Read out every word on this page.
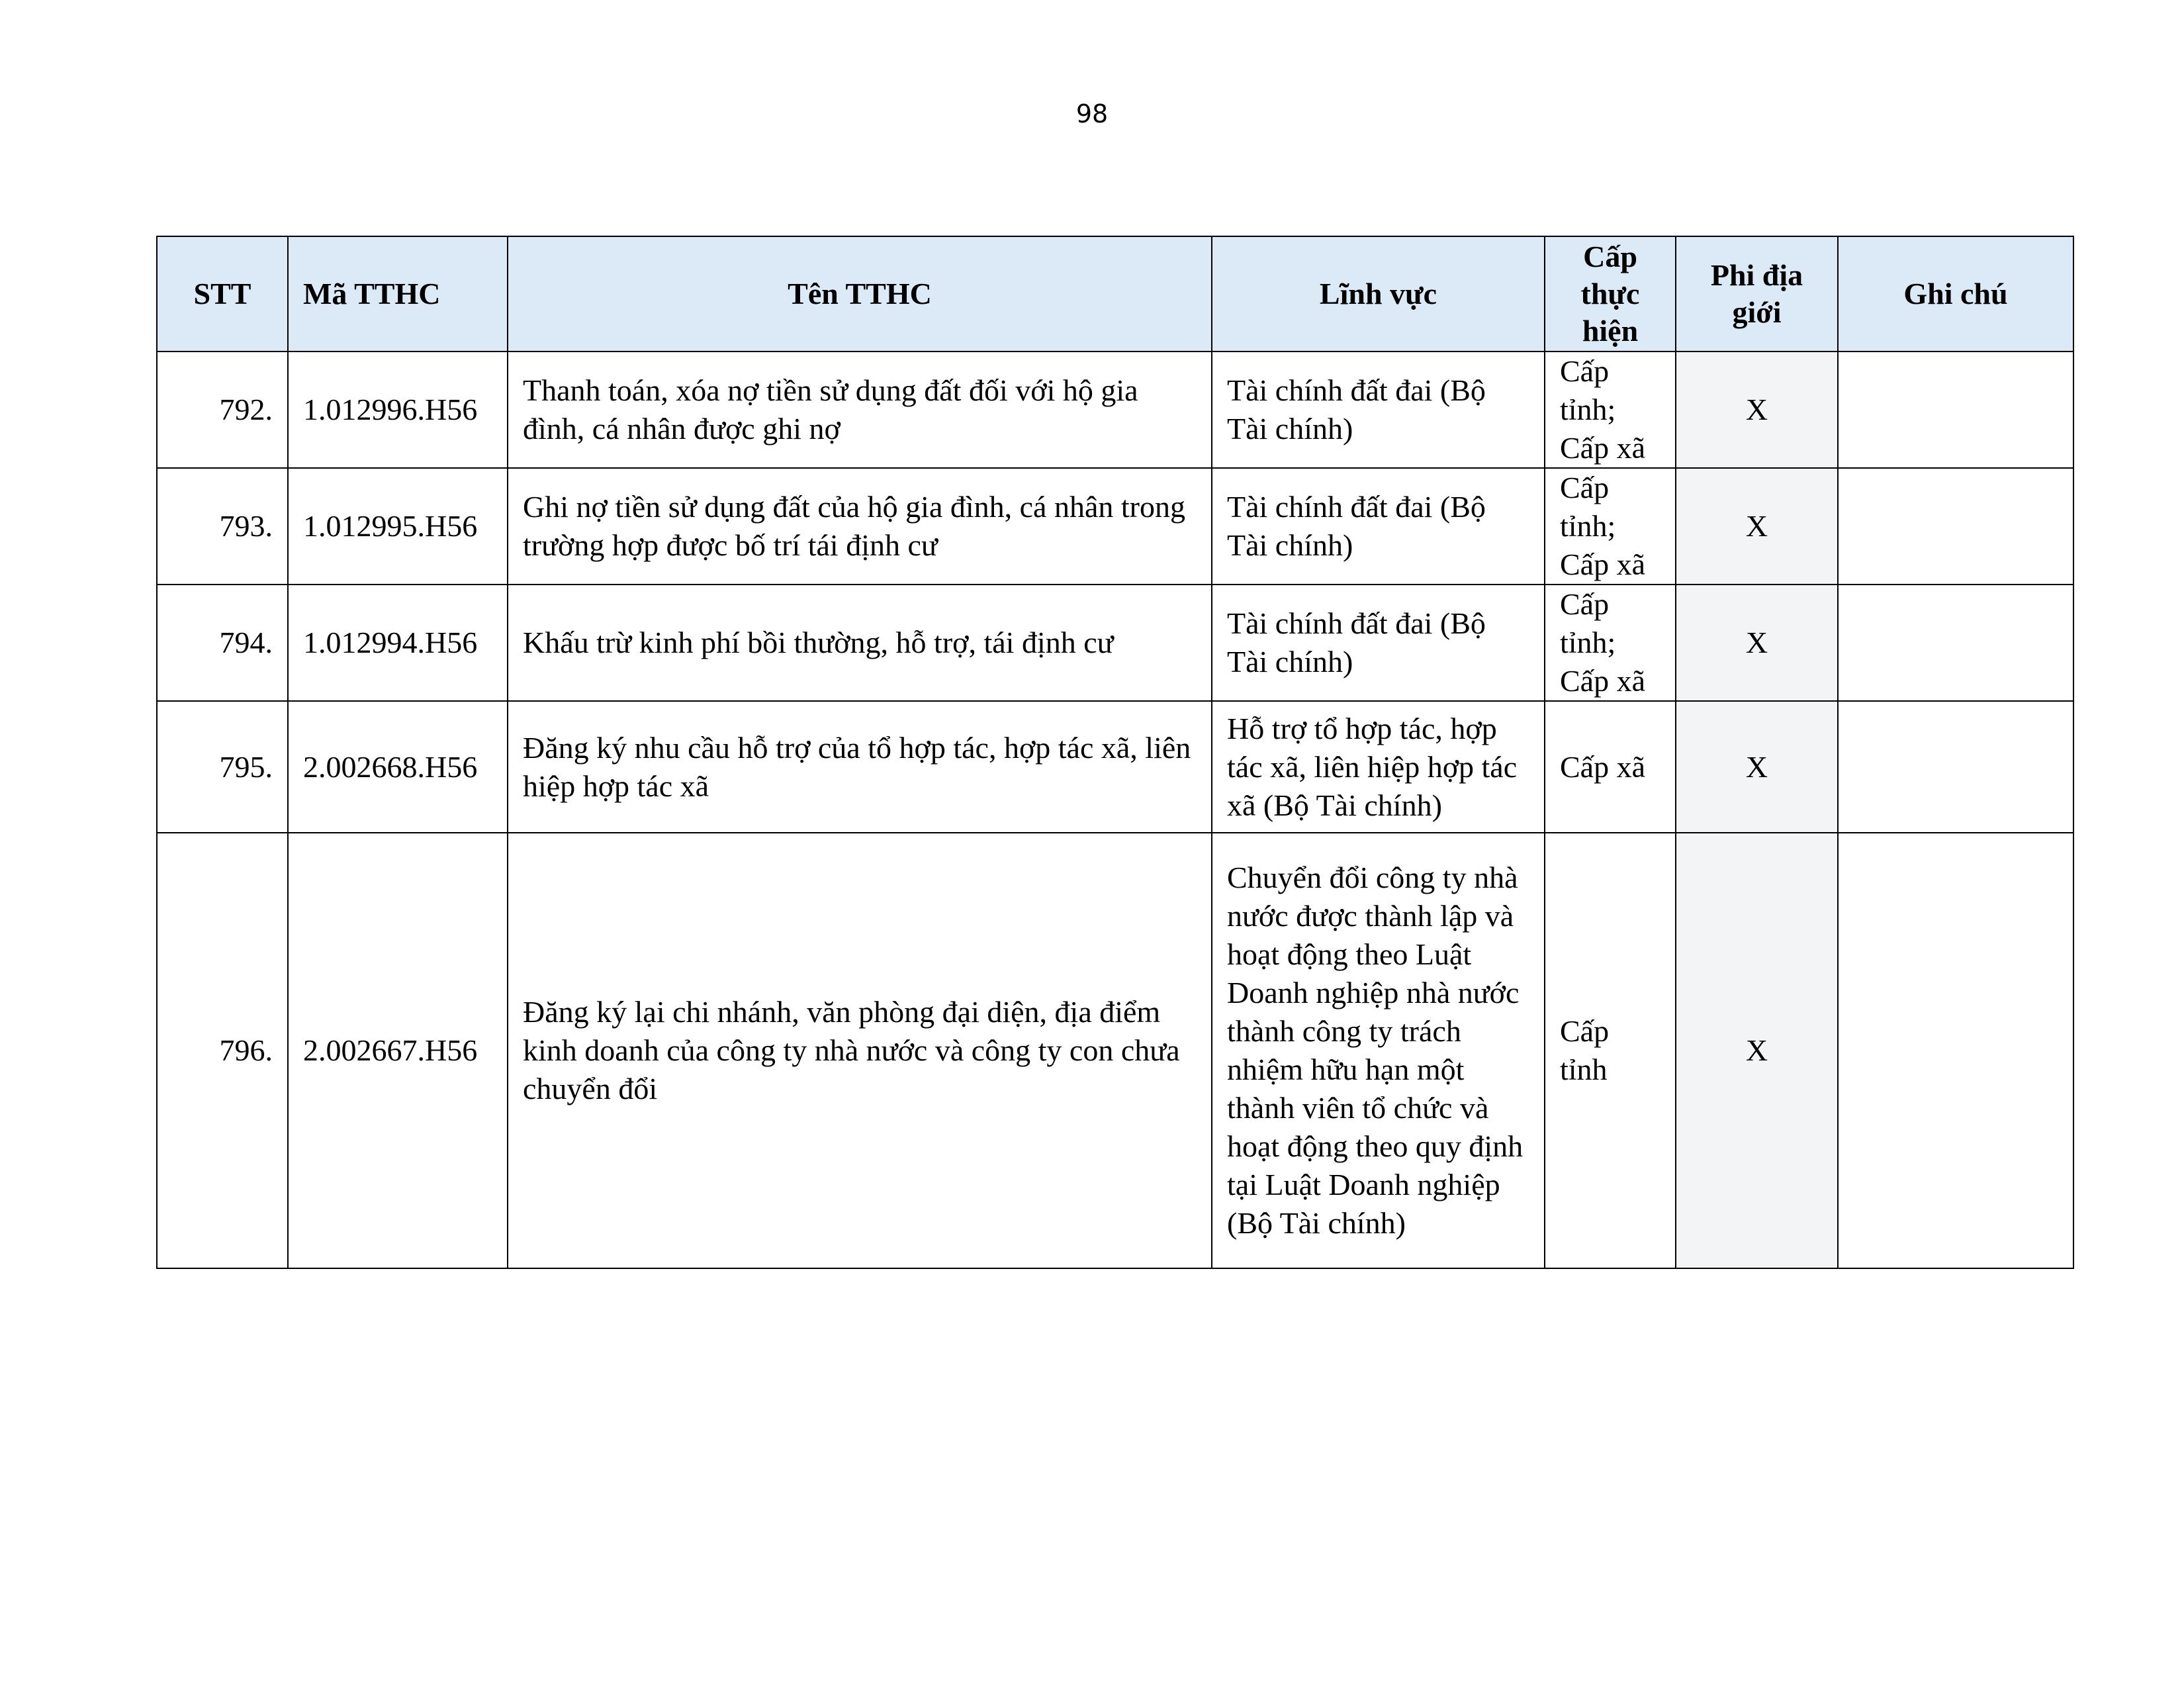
98
STT	Mã TTHC	Tên TTHC	Lĩnh vực	Cấp thực hiện	Phi địa giới	Ghi chú
792.	1.012996.H56	Thanh toán, xóa nợ tiền sử dụng đất đối với hộ gia đình, cá nhân được ghi nợ	Tài chính đất đai (Bộ Tài chính)	Cấp tỉnh; Cấp xã	X	
793.	1.012995.H56	Ghi nợ tiền sử dụng đất của hộ gia đình, cá nhân trong trường hợp được bố trí tái định cư	Tài chính đất đai (Bộ Tài chính)	Cấp tỉnh; Cấp xã	X	
794.	1.012994.H56	Khấu trừ kinh phí bồi thường, hỗ trợ, tái định cư	Tài chính đất đai (Bộ Tài chính)	Cấp tỉnh; Cấp xã	X	
795.	2.002668.H56	Đăng ký nhu cầu hỗ trợ của tổ hợp tác, hợp tác xã, liên hiệp hợp tác xã	Hỗ trợ tổ hợp tác, hợp tác xã, liên hiệp hợp tác xã (Bộ Tài chính)	Cấp xã	X	
796.	2.002667.H56	Đăng ký lại chi nhánh, văn phòng đại diện, địa điểm kinh doanh của công ty nhà nước và công ty con chưa chuyển đổi	Chuyển đổi công ty nhà nước được thành lập và hoạt động theo Luật Doanh nghiệp nhà nước thành công ty trách nhiệm hữu hạn một thành viên tổ chức và hoạt động theo quy định tại Luật Doanh nghiệp (Bộ Tài chính)	Cấp tỉnh	X	
